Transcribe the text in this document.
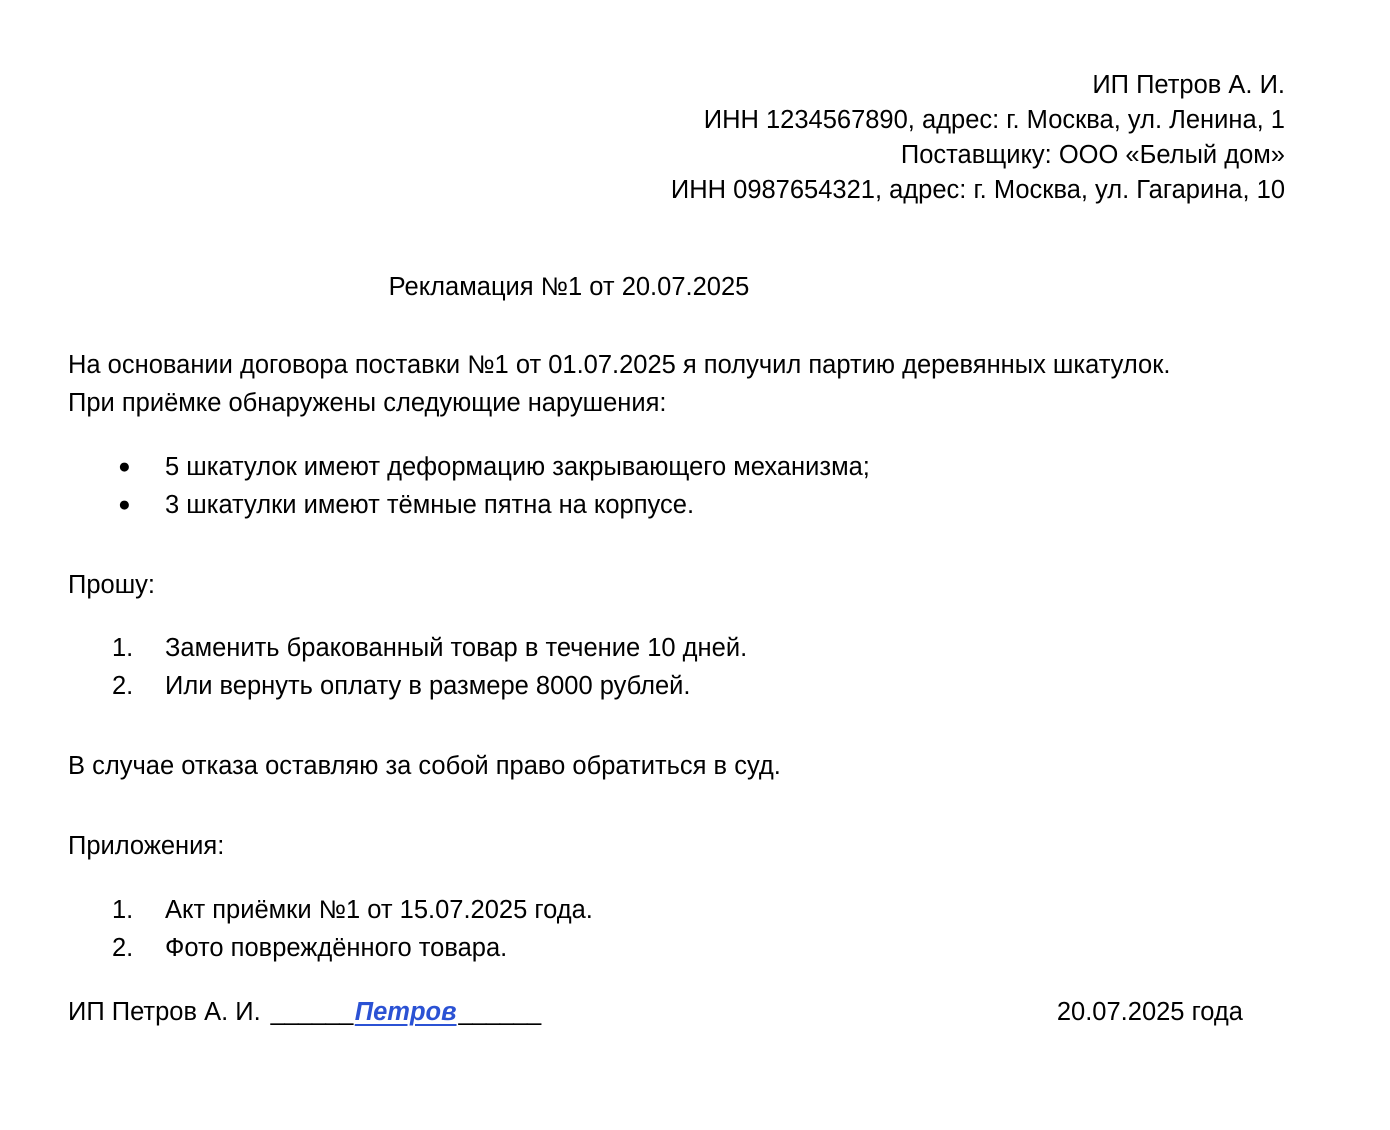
ИП Петров А. И.
ИНН 1234567890, адрес: г. Москва, ул. Ленина, 1
Поставщику: ООО «Белый дом»
ИНН 0987654321, адрес: г. Москва, ул. Гагарина, 10
Рекламация №1 от 20.07.2025

На основании договора поставки №1 от 01.07.2025 я получил партию деревянных шкатулок. При приёмке обнаружены следующие нарушения:

●	5 шкатулок имеют деформацию закрывающего механизма;
●	3 шкатулки имеют тёмные пятна на корпусе.

Прошу:

1.	Заменить бракованный товар в течение 10 дней.
2.	Или вернуть оплату в размере 8000 рублей.

В случае отказа оставляю за собой право обратиться в суд.

Приложения:

1.	Акт приёмки №1 от 15.07.2025 года.
2.	Фото повреждённого товара.
ИП Петров А. И. ______ Петров ______	20.07.2025 года
